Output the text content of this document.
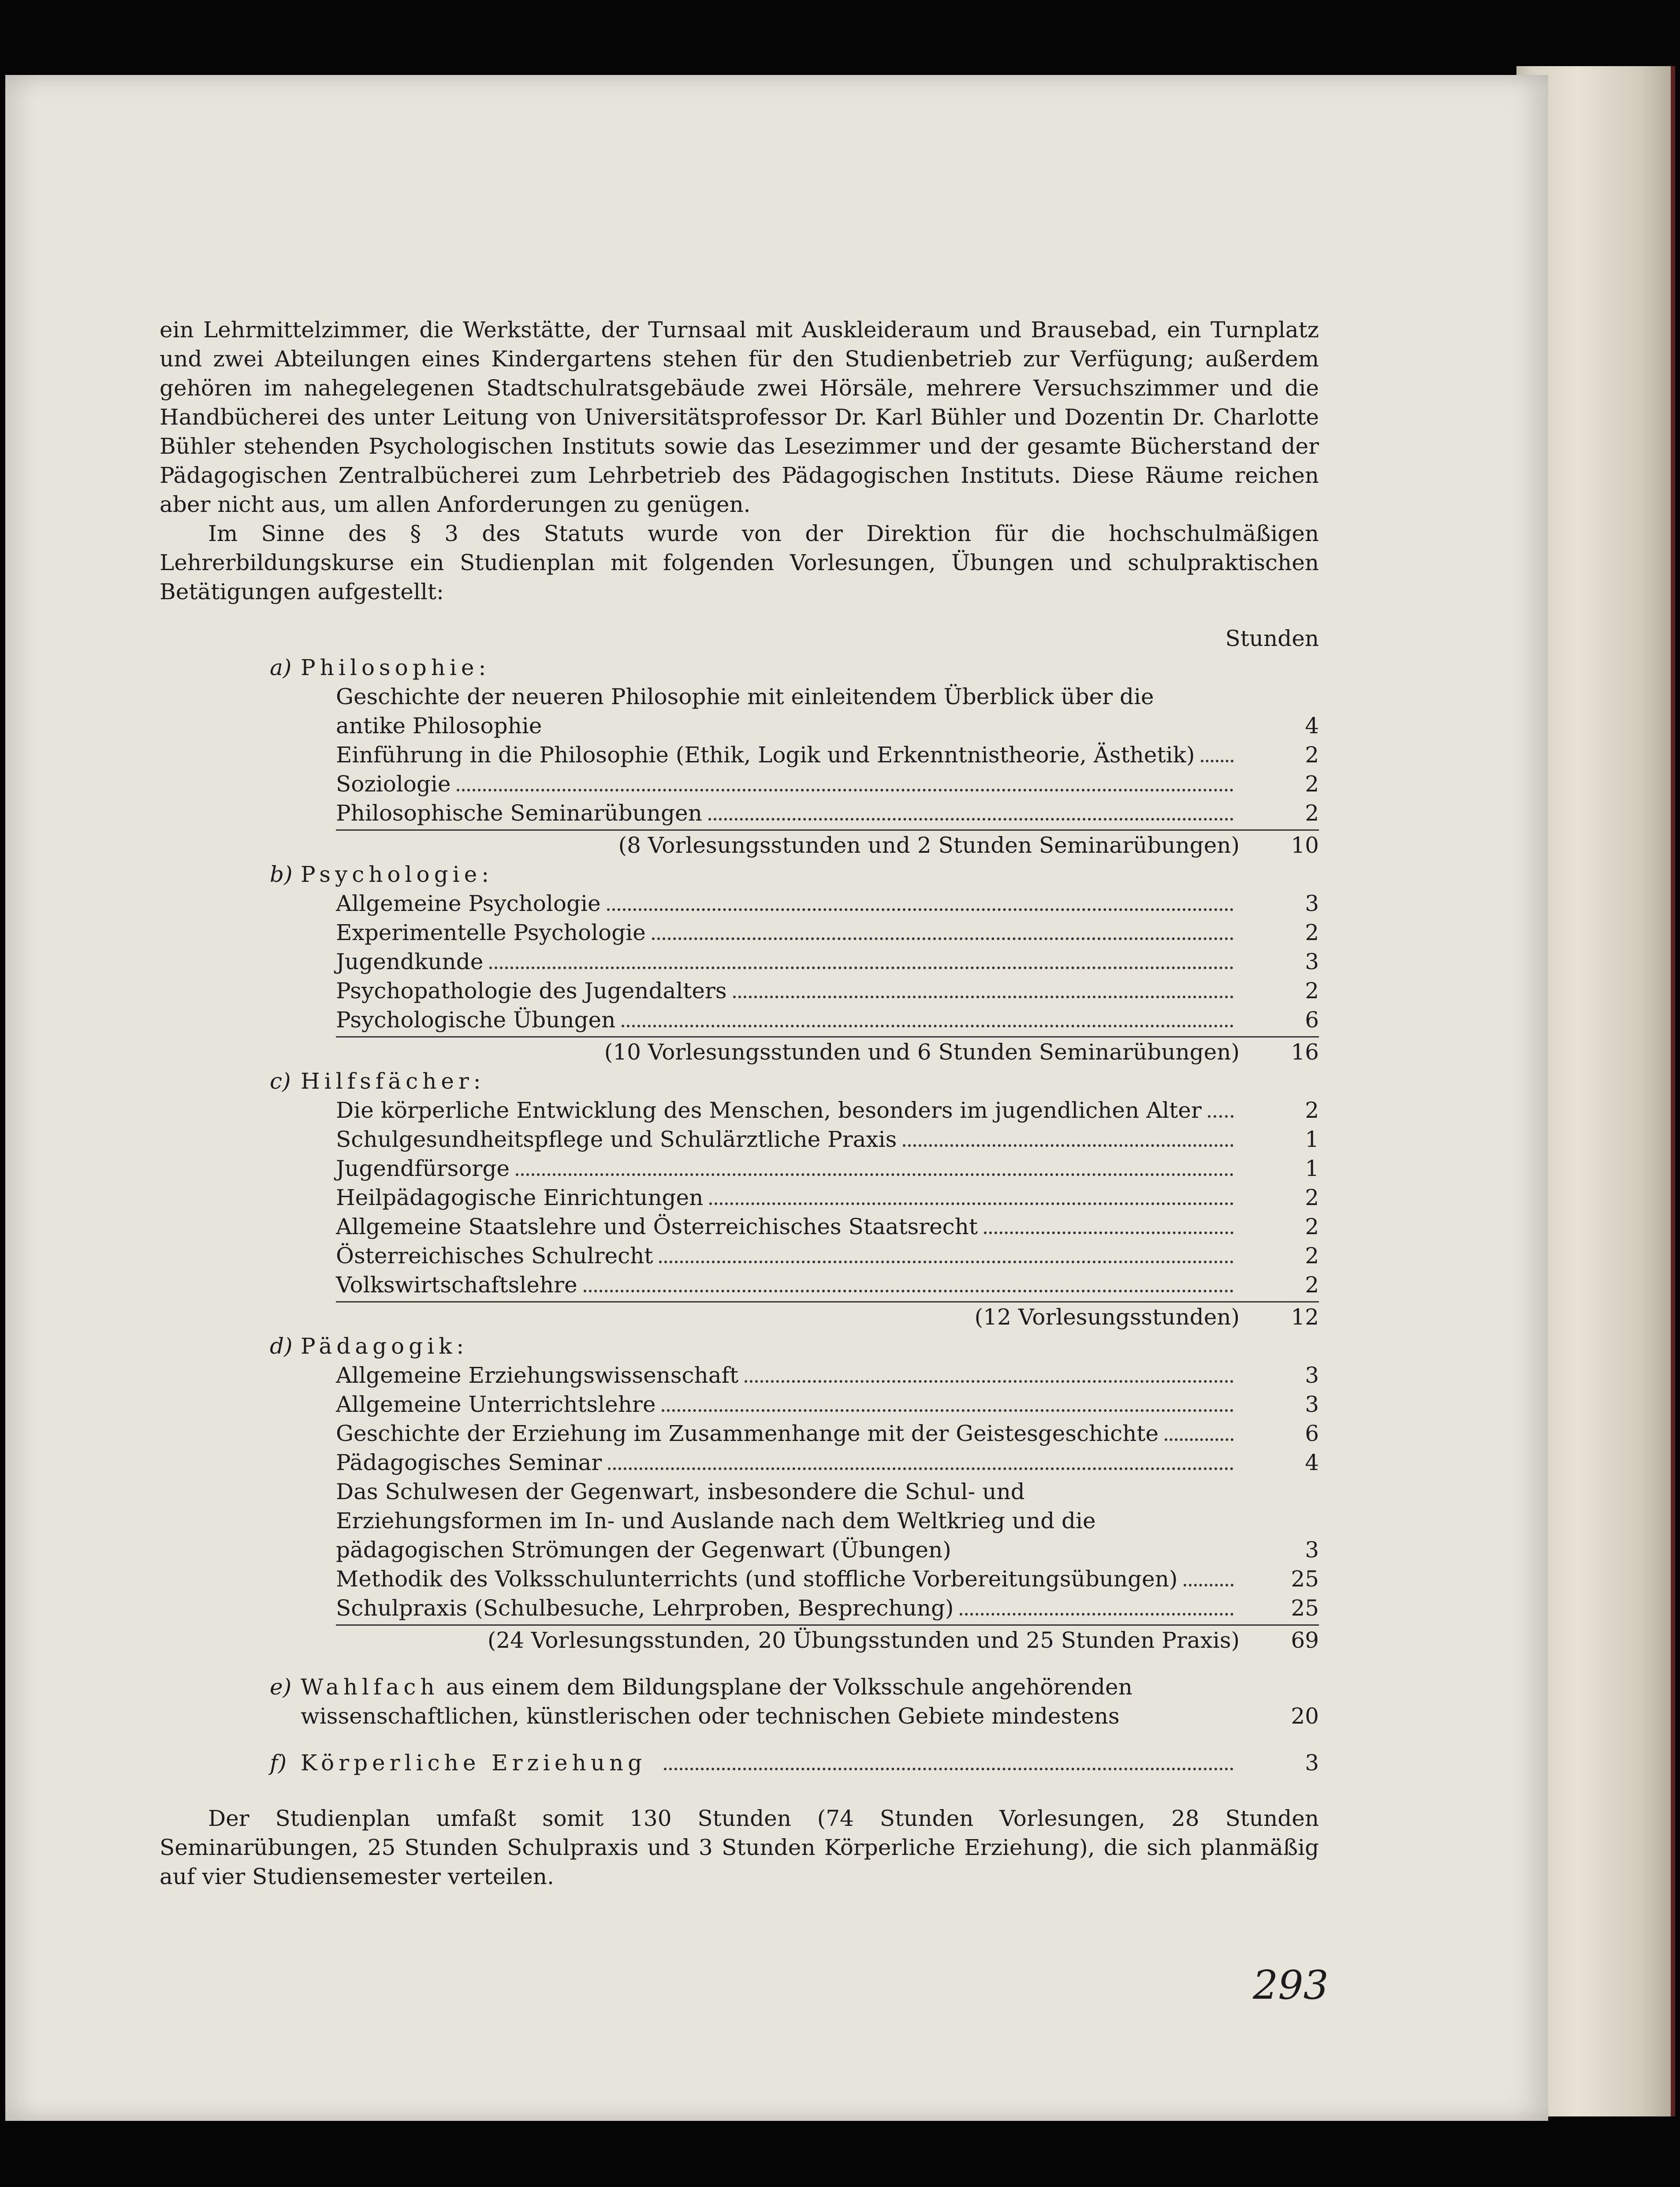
ein Lehrmittelzimmer, die Werkstätte, der Turnsaal mit Auskleideraum und Brausebad, ein Turnplatz und zwei Abteilungen eines Kindergartens stehen für den Studienbetrieb zur Verfügung; außerdem gehören im nahegelegenen Stadtschulratsgebäude zwei Hörsäle, mehrere Versuchszimmer und die Handbücherei des unter Leitung von Universitätsprofessor Dr. Karl Bühler und Dozentin Dr. Charlotte Bühler stehenden Psychologischen Instituts sowie das Lesezimmer und der gesamte Bücherstand der Pädagogischen Zentralbücherei zum Lehrbetrieb des Pädagogischen Instituts. Diese Räume reichen aber nicht aus, um allen Anforderungen zu genügen.

Im Sinne des § 3 des Statuts wurde von der Direktion für die hochschulmäßigen Lehrerbildungskurse ein Studienplan mit folgenden Vorlesungen, Übungen und schulpraktischen Betätigungen aufgestellt:

Stunden
a) Philosophie:
Geschichte der neueren Philosophie mit einleitendem Überblick über die antike Philosophie	4
Einführung in die Philosophie (Ethik, Logik und Erkenntnistheorie, Ästhetik)	2
Soziologie	2
Philosophische Seminarübungen	2
(8 Vorlesungsstunden und 2 Stunden Seminarübungen)	10
b) Psychologie:
Allgemeine Psychologie	3
Experimentelle Psychologie	2
Jugendkunde	3
Psychopathologie des Jugendalters	2
Psychologische Übungen	6
(10 Vorlesungsstunden und 6 Stunden Seminarübungen)	16
c) Hilfsfächer:
Die körperliche Entwicklung des Menschen, besonders im jugendlichen Alter	2
Schulgesundheitspflege und Schulärztliche Praxis	1
Jugendfürsorge	1
Heilpädagogische Einrichtungen	2
Allgemeine Staatslehre und Österreichisches Staatsrecht	2
Österreichisches Schulrecht	2
Volkswirtschaftslehre	2
(12 Vorlesungsstunden)	12
d) Pädagogik:
Allgemeine Erziehungswissenschaft	3
Allgemeine Unterrichtslehre	3
Geschichte der Erziehung im Zusammenhange mit der Geistesgeschichte	6
Pädagogisches Seminar	4
Das Schulwesen der Gegenwart, insbesondere die Schul- und Erziehungsformen im In- und Auslande nach dem Weltkrieg und die pädagogischen Strömungen der Gegenwart (Übungen)	3
Methodik des Volksschulunterrichts (und stoffliche Vorbereitungsübungen)	25
Schulpraxis (Schulbesuche, Lehrproben, Besprechung)	25
(24 Vorlesungsstunden, 20 Übungsstunden und 25 Stunden Praxis)	69
e) Wahlfach aus einem dem Bildungsplane der Volksschule angehörenden wissenschaftlichen, künstlerischen oder technischen Gebiete mindestens	20
f) Körperliche Erziehung	3

Der Studienplan umfaßt somit 130 Stunden (74 Stunden Vorlesungen, 28 Stunden Seminarübungen, 25 Stunden Schulpraxis und 3 Stunden Körperliche Erziehung), die sich planmäßig auf vier Studiensemester verteilen.

293
